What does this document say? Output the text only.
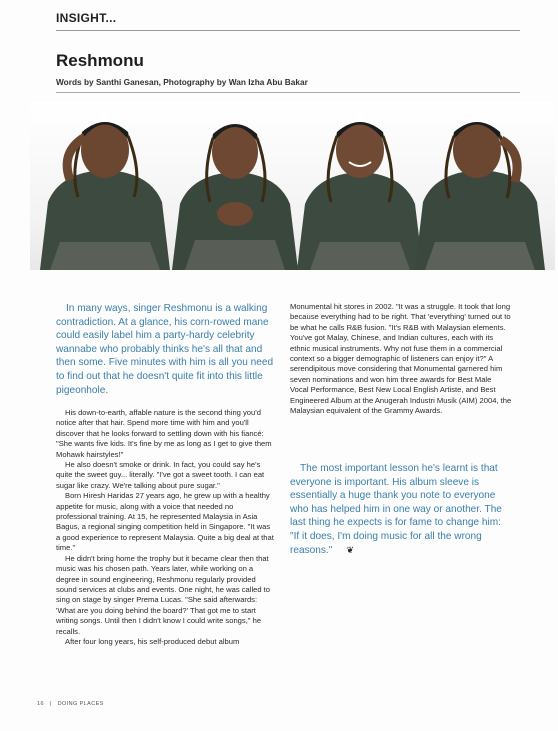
INSIGHT...
Reshmonu
Words by Santhi Ganesan, Photography by Wan Izha Abu Bakar
In many ways, singer Reshmonu is a walking contradiction. At a glance, his corn-rowed mane could easily label him a party-hardy celebrity wannabe who probably thinks he's all that and then some. Five minutes with him is all you need to find out that he doesn't quite fit into this little pigeonhole.

His down-to-earth, affable nature is the second thing you'd notice after that hair. Spend more time with him and you'll discover that he looks forward to settling down with his fiancé: "She wants five kids. It's fine by me as long as I get to give them Mohawk hairstyles!"

He also doesn't smoke or drink. In fact, you could say he's quite the sweet guy... literally. "I've got a sweet tooth. I can eat sugar like crazy. We're talking about pure sugar."

Born Hiresh Haridas 27 years ago, he grew up with a healthy appetite for music, along with a voice that needed no professional training. At 15, he represented Malaysia in Asia Bagus, a regional singing competition held in Singapore. "It was a good experience to represent Malaysia. Quite a big deal at that time."

He didn't bring home the trophy but it became clear then that music was his chosen path. Years later, while working on a degree in sound engineering, Reshmonu regularly provided sound services at clubs and events. One night, he was called to sing on stage by singer Prema Lucas. "She said afterwards: 'What are you doing behind the board?' That got me to start writing songs. Until then I didn't know I could write songs," he recalls.

After four long years, his self-produced debut album

Monumental hit stores in 2002. "It was a struggle. It took that long because everything had to be right. That 'everything' turned out to be what he calls R&B fusion. "It's R&B with Malaysian elements. You've got Malay, Chinese, and Indian cultures, each with its ethnic musical instruments. Why not fuse them in a commercial context so a bigger demographic of listeners can enjoy it?" A serendipitous move considering that Monumental garnered him seven nominations and won him three awards for Best Male Vocal Performance, Best New Local English Artiste, and Best Engineered Album at the Anugerah Industri Musik (AIM) 2004, the Malaysian equivalent of the Grammy Awards.

The most important lesson he's learnt is that everyone is important. His album sleeve is essentially a huge thank you note to everyone who has helped him in one way or another. The last thing he expects is for fame to change him: "If it does, I'm doing music for all the wrong reasons." ❦
16 | DOING PLACES
